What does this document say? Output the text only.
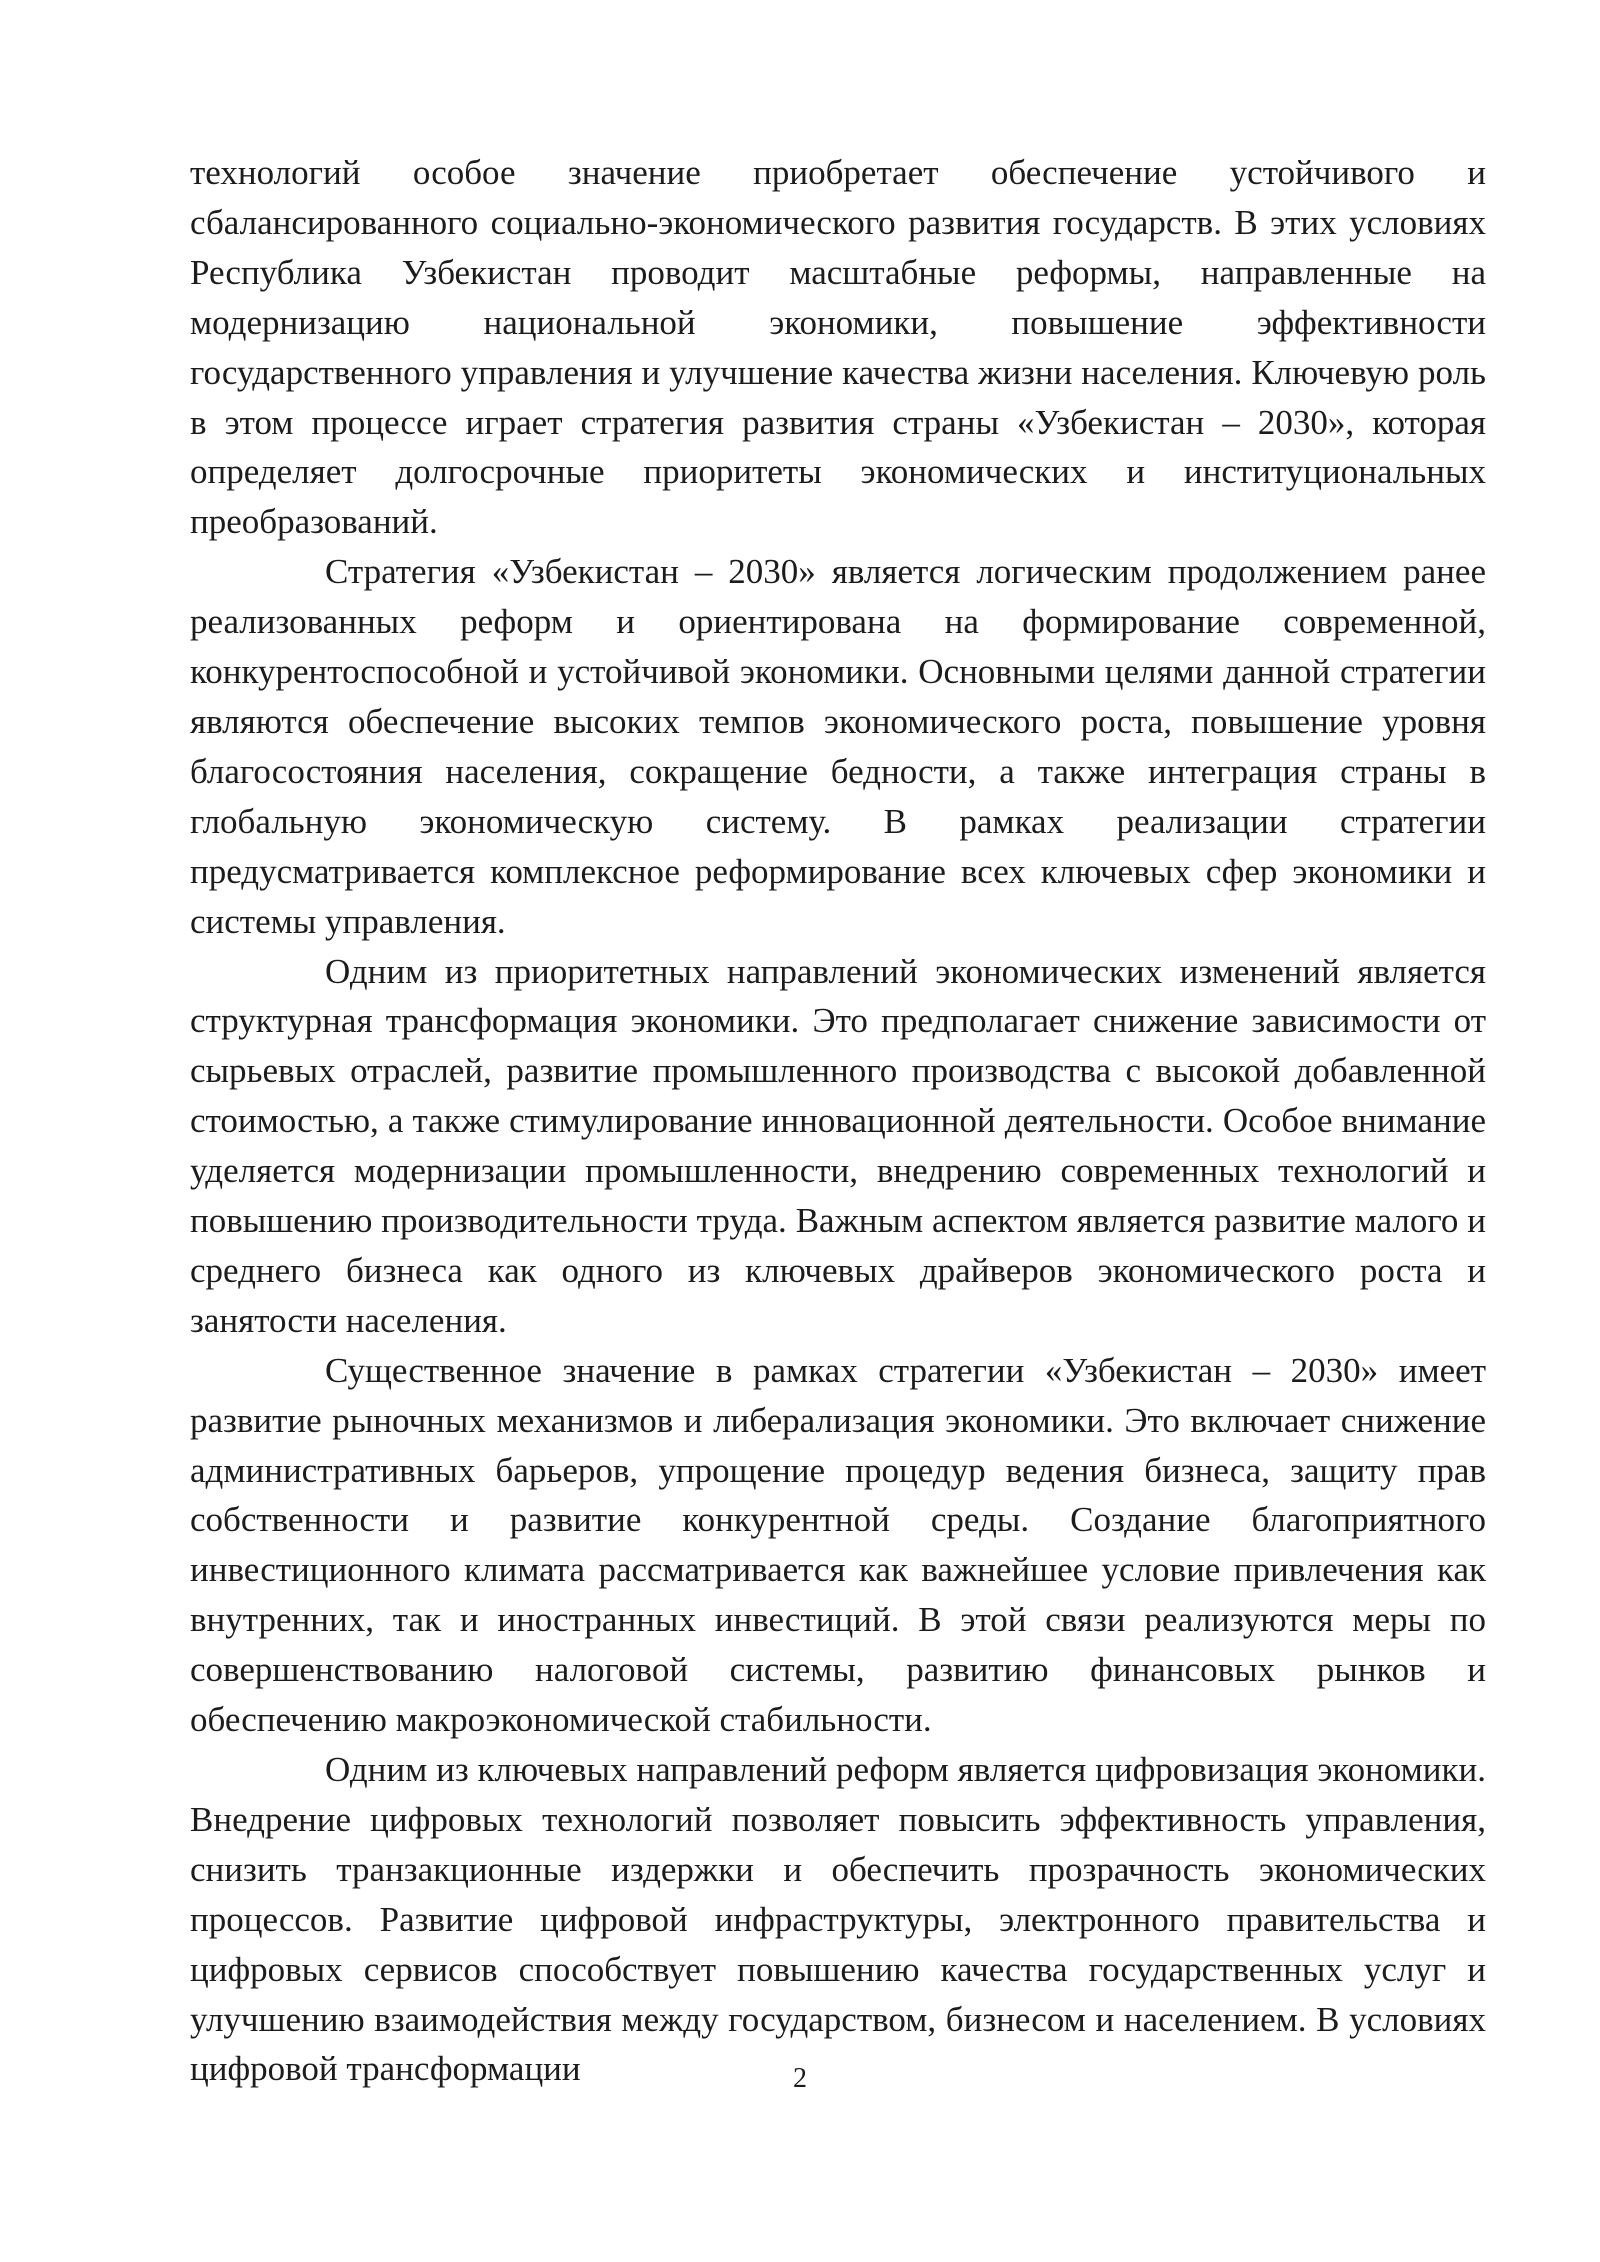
технологий особое значение приобретает обеспечение устойчивого и сбалансированного социально-экономического развития государств. В этих условиях Республика Узбекистан проводит масштабные реформы, направленные на модернизацию национальной экономики, повышение эффективности государственного управления и улучшение качества жизни населения. Ключевую роль в этом процессе играет стратегия развития страны «Узбекистан – 2030», которая определяет долгосрочные приоритеты экономических и институциональных преобразований.

Стратегия «Узбекистан – 2030» является логическим продолжением ранее реализованных реформ и ориентирована на формирование современной, конкурентоспособной и устойчивой экономики. Основными целями данной стратегии являются обеспечение высоких темпов экономического роста, повышение уровня благосостояния населения, сокращение бедности, а также интеграция страны в глобальную экономическую систему. В рамках реализации стратегии предусматривается комплексное реформирование всех ключевых сфер экономики и системы управления.

Одним из приоритетных направлений экономических изменений является структурная трансформация экономики. Это предполагает снижение зависимости от сырьевых отраслей, развитие промышленного производства с высокой добавленной стоимостью, а также стимулирование инновационной деятельности. Особое внимание уделяется модернизации промышленности, внедрению современных технологий и повышению производительности труда. Важным аспектом является развитие малого и среднего бизнеса как одного из ключевых драйверов экономического роста и занятости населения.

Существенное значение в рамках стратегии «Узбекистан – 2030» имеет развитие рыночных механизмов и либерализация экономики. Это включает снижение административных барьеров, упрощение процедур ведения бизнеса, защиту прав собственности и развитие конкурентной среды. Создание благоприятного инвестиционного климата рассматривается как важнейшее условие привлечения как внутренних, так и иностранных инвестиций. В этой связи реализуются меры по совершенствованию налоговой системы, развитию финансовых рынков и обеспечению макроэкономической стабильности.

Одним из ключевых направлений реформ является цифровизация экономики. Внедрение цифровых технологий позволяет повысить эффективность управления, снизить транзакционные издержки и обеспечить прозрачность экономических процессов. Развитие цифровой инфраструктуры, электронного правительства и цифровых сервисов способствует повышению качества государственных услуг и улучшению взаимодействия между государством, бизнесом и населением. В условиях цифровой трансформации	2
